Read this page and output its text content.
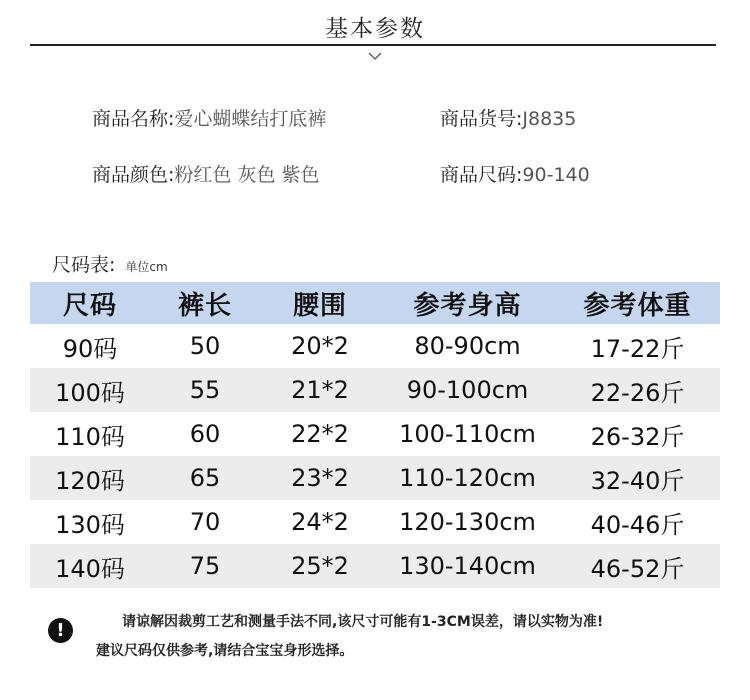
基本参数
商品名称:爱心蝴蝶结打底裤	商品货号:J8835
商品颜色:粉红色 灰色 紫色	商品尺码:90-140
尺码表: 单位cm
尺码	裤长	腰围	参考身高	参考体重
90码	50	20*2	80-90cm	17-22斤
100码	55	21*2	90-100cm	22-26斤
110码	60	22*2	100-110cm	26-32斤
120码	65	23*2	110-120cm	32-40斤
130码	70	24*2	120-130cm	40-46斤
140码	75	25*2	130-140cm	46-52斤
!	请谅解因裁剪工艺和测量手法不同,该尺寸可能有1-3CM误差，请以实物为准!
建议尺码仅供参考,请结合宝宝身形选择。
